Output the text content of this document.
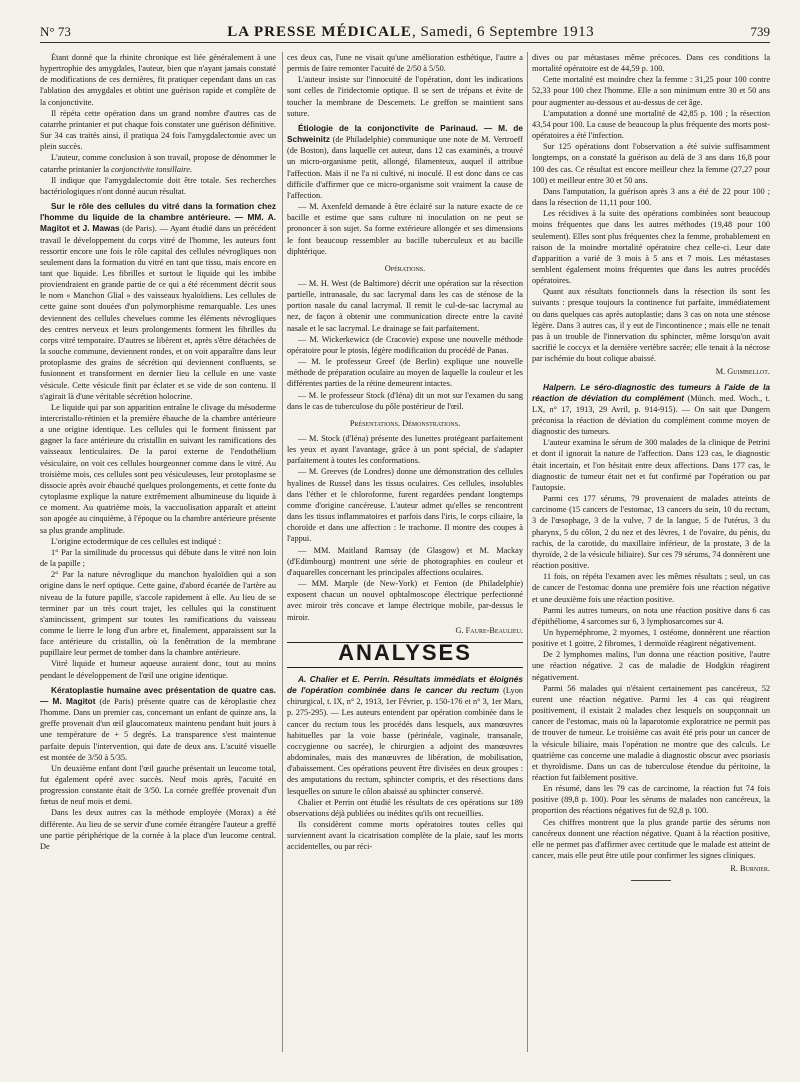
N° 73	LA PRESSE MÉDICALE, Samedi, 6 Septembre 1913	739

Étant donné que la rhinite chronique est liée généralement à une hypertrophie des amygdales, l'auteur, bien que n'ayant jamais constaté de modifications de ces dernières, fit pratiquer cependant dans un cas l'ablation des amygdales et obtint une guérison rapide et complète de la conjonctivite.

Il répéta cette opération dans un grand nombre d'autres cas de catarrhe printanier et put chaque fois constater une guérison définitive. Sur 34 cas traités ainsi, il pratiqua 24 fois l'amygdalectomie avec un plein succès.

L'auteur, comme conclusion à son travail, propose de dénommer le catarrhe printanier la conjonctivite tonsillaire.

Il indique que l'amygdalectomie doit être totale. Ses recherches bactériologiques n'ont donné aucun résultat.

Sur le rôle des cellules du vitré dans la formation chez l'homme du liquide de la chambre antérieure. — MM. A. Magitot et J. Mawas (de Paris). — Ayant étudié dans un précédent travail le développement du corps vitré de l'homme, les auteurs font ressortir encore une fois le rôle capital des cellules névrogliques non seulement dans la formation du vitré en tant que tissu, mais encore en tant que liquide. Les fibrilles et surtout le liquide qui les imbibe proviendraient en grande partie de ce qui a été récemment décrit sous le nom « Manchon Glial » des vaisseaux hyaloïdiens. Les cellules de cette gaine sont douées d'un polymorphisme remarquable. Les unes deviennent des cellules chevelues comme les éléments névrogliques des centres nerveux et leurs prolongements forment les fibrilles du corps vitré temporaire. D'autres se libèrent et, après s'être détachées de la souche commune, deviennent rondes, et on voit apparaître dans leur protoplasme des grains de sécrétion qui deviennent confluents, se fusionnent et transforment en dernier lieu la cellule en une vaste vésicule. Cette vésicule finit par éclater et se vide de son contenu. Il s'agirait là d'une véritable sécrétion holocrine.

Le liquide qui par son apparition entraîne le clivage du mésoderme intercristallo-rétinien et la première ébauche de la chambre antérieure a une origine identique. Les cellules qui le forment finissent par gagner la face antérieure du cristallin en suivant les ramifications des vaisseaux lenticulaires. De la paroi externe de l'endothélium vésiculaire, on voit ces cellules bourgeonner comme dans le vitré. Au troisième mois, ces cellules sont peu vésiculeuses, leur protoplasme se dissocie après avoir ébauché quelques prolongements, et cette fonte du cytoplasme explique la nature extrêmement albumineuse du liquide à ce moment. Au quatrième mois, la vaccuolisation apparaît et atteint son apogée au cinquième, à l'époque ou la chambre antérieure présente sa plus grande amplitude.

L'origine ectodermique de ces cellules est indiqué :

1° Par la similitude du processus qui débute dans le vitré non loin de la papille ;

2° Par la nature névroglique du manchon hyaloïdien qui a son origine dans le nerf optique. Cette gaine, d'abord écartée de l'artère au niveau de la future papille, s'accole rapidement à elle. Au lieu de se terminer par un très court trajet, les cellules qui la constituent s'amincissent, grimpent sur toutes les ramifications du vaisseau comme le lierre le long d'un arbre et, finalement, apparaissent sur la face antérieure du cristallin, où la fenêtration de la membrane pupillaire leur permet de tomber dans la chambre antérieure.

Vitré liquide et humeur aqueuse auraient donc, tout au moins pendant le développement de l'œil une origine identique.

Kératoplastie humaine avec présentation de quatre cas. — M. Magitot (de Paris) présente quatre cas de kéroplastie chez l'homme. Dans un premier cas, concernant un enfant de quinze ans, la greffe provenait d'un œil glaucomateux maintenu pendant huit jours à une température de + 5 degrés. La transparence s'est maintenue parfaite depuis l'intervention, qui date de deux ans. L'acuité visuelle est montée de 3/50 à 5/35.

Un deuxième enfant dont l'œil gauche présentait un leucome total, fut également opéré avec succès. Neuf mois après, l'acuité en progression constante était de 3/50. La cornée greffée provenait d'un fœtus de neuf mois et demi.

Dans les deux autres cas la méthode employée (Morax) a été différente. Au lieu de se servir d'une cornée étrangère l'auteur a greffé une partie périphérique de la cornée à la place d'un leucome central. De

ces deux cas, l'une ne visait qu'une amélioration esthétique, l'autre a permis de faire remonter l'acuité de 2/50 à 5/50.

L'auteur insiste sur l'innocuité de l'opération, dont les indications sont celles de l'iridectomie optique. Il se sert de trépans et évite de toucher la membrane de Descemets. Le greffon se maintient sans suture.

Étiologie de la conjonctivite de Parinaud. — M. de Schweinitz (de Philadelphie) communique une note de M. Vertroeff (de Boston), dans laquelle cet auteur, dans 12 cas examinés, a trouvé un micro-organisme petit, allongé, filamenteux, auquel il attribue l'affection. Mais il ne l'a ni cultivé, ni inoculé. Il est donc dans ce cas difficile d'affirmer que ce micro-organisme soit vraiment la cause de l'affection.

— M. Axenfeld demande à être éclairé sur la nature exacte de ce bacille et estime que sans culture ni inoculation on ne peut se prononcer à son sujet. Sa forme extérieure allongée et ses dimensions le font beaucoup ressembler au bacille tuberculeux et au bacille diphtérique.

Opérations.

— M. H. West (de Baltimore) décrit une opération sur la résection partielle, intranasale, du sac lacrymal dans les cas de sténose de la portion nasale du canal lacrymal. Il remit le cul-de-sac lacrymal au nez, de façon à obtenir une communication directe entre la cavité nasale et le sac lacrymal. Le drainage se fait parfaitement.

— M. Wickerkewicz (de Cracovie) expose une nouvelle méthode opératoire pour le ptosis, légère modification du procédé de Panas.

— M. le professeur Greef (de Berlin) explique une nouvelle méthode de préparation oculaire au moyen de laquelle la couleur et les différentes parties de la rétine demeurent intactes.

— M. le professeur Stock (d'Iéna) dit un mot sur l'examen du sang dans le cas de tuberculose du pôle postérieur de l'œil.

Présentations. Démonstrations.

— M. Stock (d'Iéna) présente des lunettes protégeant parfaitement les yeux et ayant l'avantage, grâce à un pont spécial, de s'adapter parfaitement à toutes les conformations.

— M. Greeves (de Londres) donne une démonstration des cellules hyalines de Russel dans les tissus oculaires. Ces cellules, insolubles dans l'éther et le chloroforme, furent regardées pendant longtemps comme d'origine cancéreuse. L'auteur admet qu'elles se rencontrent dans les tissus inflammatoires et parfois dans l'iris, le corps ciliaire, la choroïde et dans une affection : le trachome. Il montre des coupes à l'appui.

— MM. Maitland Ramsay (de Glasgow) et M. Mackay (d'Edimbourg) montrent une série de photographies en couleur et d'aquarelles concernant les principales affections oculaires.

— MM. Marple (de New-York) et Fenton (de Philadelphie) exposent chacun un nouvel ophtalmoscope électrique perfectionné avec miroir très concave et lampe électrique mobile, par-dessus le miroir.

G. Faure-Beaulieu.

ANALYSES

A. Chalier et E. Perrin. Résultats immédiats et éloignés de l'opération combinée dans le cancer du rectum (Lyon chirurgical, t. IX, n° 2, 1913, 1er Février, p. 150-176 et n° 3, 1er Mars, p. 275-295). — Les auteurs entendent par opération combinée dans le cancer du rectum tous les procédés dans lesquels, aux manœuvres habituelles par la voie basse (périnéale, vaginale, transanale, coccygienne ou sacrée), le chirurgien a adjoint des manœuvres abdominales, mais des manœuvres de libération, de mobilisation, d'abaissement. Ces opérations peuvent être divisées en deux groupes : des amputations du rectum, sphincter compris, et des résections dans lesquelles on suture le côlon abaissé au sphincter conservé.

Chalier et Perrin ont étudié les résultats de ces opérations sur 189 observations déjà publiées ou inédites qu'ils ont recueillies.

Ils considèrent comme morts opératoires toutes celles qui surviennent avant la cicatrisation complète de la plaie, sauf les morts accidentelles, ou par réci-

dives ou par métastases même précoces. Dans ces conditions la mortalité opératoire est de 44,59 p. 100.

Cette mortalité est moindre chez la femme : 31,25 pour 100 contre 52,33 pour 100 chez l'homme. Elle a son minimum entre 30 et 50 ans pour augmenter au-dessous et au-dessus de cet âge.

L'amputation a donné une mortalité de 42,85 p. 100 ; la résection 43,54 pour 100. La cause de beaucoup la plus fréquente des morts post-opératoires a été l'infection.

Sur 125 opérations dont l'observation a été suivie suffisamment longtemps, on a constaté la guérison au delà de 3 ans dans 16,8 pour 100 des cas. Ce résultat est encore meilleur chez la femme (27,27 pour 100) et meilleur entre 30 et 50 ans.

Dans l'amputation, la guérison après 3 ans a été de 22 pour 100 ; dans la résection de 11,11 pour 100.

Les récidives à la suite des opérations combinées sont beaucoup moins fréquentes que dans les autres méthodes (19,48 pour 100 seulement). Elles sont plus fréquentes chez la femme, probablement en raison de la moindre mortalité opératoire chez celle-ci. Leur date d'apparition a varié de 3 mois à 5 ans et 7 mois. Les métastases semblent également moins fréquentes que dans les autres procédés opératoires.

Quant aux résultats fonctionnels dans la résection ils sont les suivants : presque toujours la continence fut parfaite, immédiatement ou dans quelques cas après autoplastie; dans 3 cas on nota une sténose légère. Dans 3 autres cas, il y eut de l'incontinence ; mais elle ne tenait pas à un trouble de l'innervation du sphincter, même lorsqu'on avait sacrifié le coccyx et la dernière vertèbre sacrée; elle tenait à la nécrose par ischémie du bout colique abaissé.

M. Guimbellot.

Halpern. Le séro-diagnostic des tumeurs à l'aide de la réaction de déviation du complément (Münch. med. Woch., t. LX, n° 17, 1913, 29 Avril, p. 914-915). — On sait que Dungern préconisa la réaction de déviation du complément comme moyen de diagnostic des tumeurs.

L'auteur examina le sérum de 300 malades de la clinique de Petrini et dont il ignorait la nature de l'affection. Dans 123 cas, le diagnostic était incertain, et l'on hésitait entre deux affections. Dans 177 cas, le diagnostic de tumeur était net et fut confirmé par l'opération ou par l'autopsie.

Parmi ces 177 sérums, 79 provenaient de malades atteints de carcinome (15 cancers de l'estomac, 13 cancers du sein, 10 du rectum, 3 de l'œsophage, 3 de la vulve, 7 de la langue, 5 de l'utérus, 3 du pharynx, 5 du côlon, 2 du nez et des lèvres, 1 de l'ovaire, du pénis, du rachis, de la carotide, du maxillaire inférieur, de la prostate, 3 de la thyroïde, 2 de la vésicule biliaire). Sur ces 79 sérums, 74 donnèrent une réaction positive.

11 fois, on répéta l'examen avec les mêmes résultats ; seul, un cas de cancer de l'estomac donna une première fois une réaction négative et une deuxième fois une réaction positive.

Parmi les autres tumeurs, on nota une réaction positive dans 6 cas d'épithéliome, 4 sarcomes sur 6, 3 lymphosarcomes sur 4.

Un hypernéphrome, 2 myomes, 1 ostéome, donnèrent une réaction positive et 1 goitre, 2 fibromes, 1 dermoïde réagirent négativement.

De 2 lymphomes malins, l'un donna une réaction positive, l'autre une réaction négative. 2 cas de maladie de Hodgkin réagirent négativement.

Parmi 56 malades qui n'étaient certainement pas cancéreux, 52 eurent une réaction négative. Parmi les 4 cas qui réagirent positivement, il existait 2 malades chez lesquels on soupçonnait un cancer de l'estomac, mais où la laparotomie exploratrice ne permit pas de trouver de tumeur. Le troisième cas avait été pris pour un cancer de la vésicule biliaire, mais l'opération ne montre que des calculs. Le quatrième cas concerne une maladie à diagnostic obscur avec psoriasis et thyroïdisme. Dans un cas de tuberculose étendue du péritoine, la réaction fut faiblement positive.

En résumé, dans les 79 cas de carcinome, la réaction fut 74 fois positive (89,8 p. 100). Pour les sérums de malades non cancéreux, la proportion des réactions négatives fut de 92,8 p. 100.

Ces chiffres montrent que la plus grande partie des sérums non cancéreux donnent une réaction négative. Quant à la réaction positive, elle ne permet pas d'affirmer avec certitude que le malade est atteint de cancer, mais elle peut être utile pour confirmer les signes cliniques.

R. Burnier.
